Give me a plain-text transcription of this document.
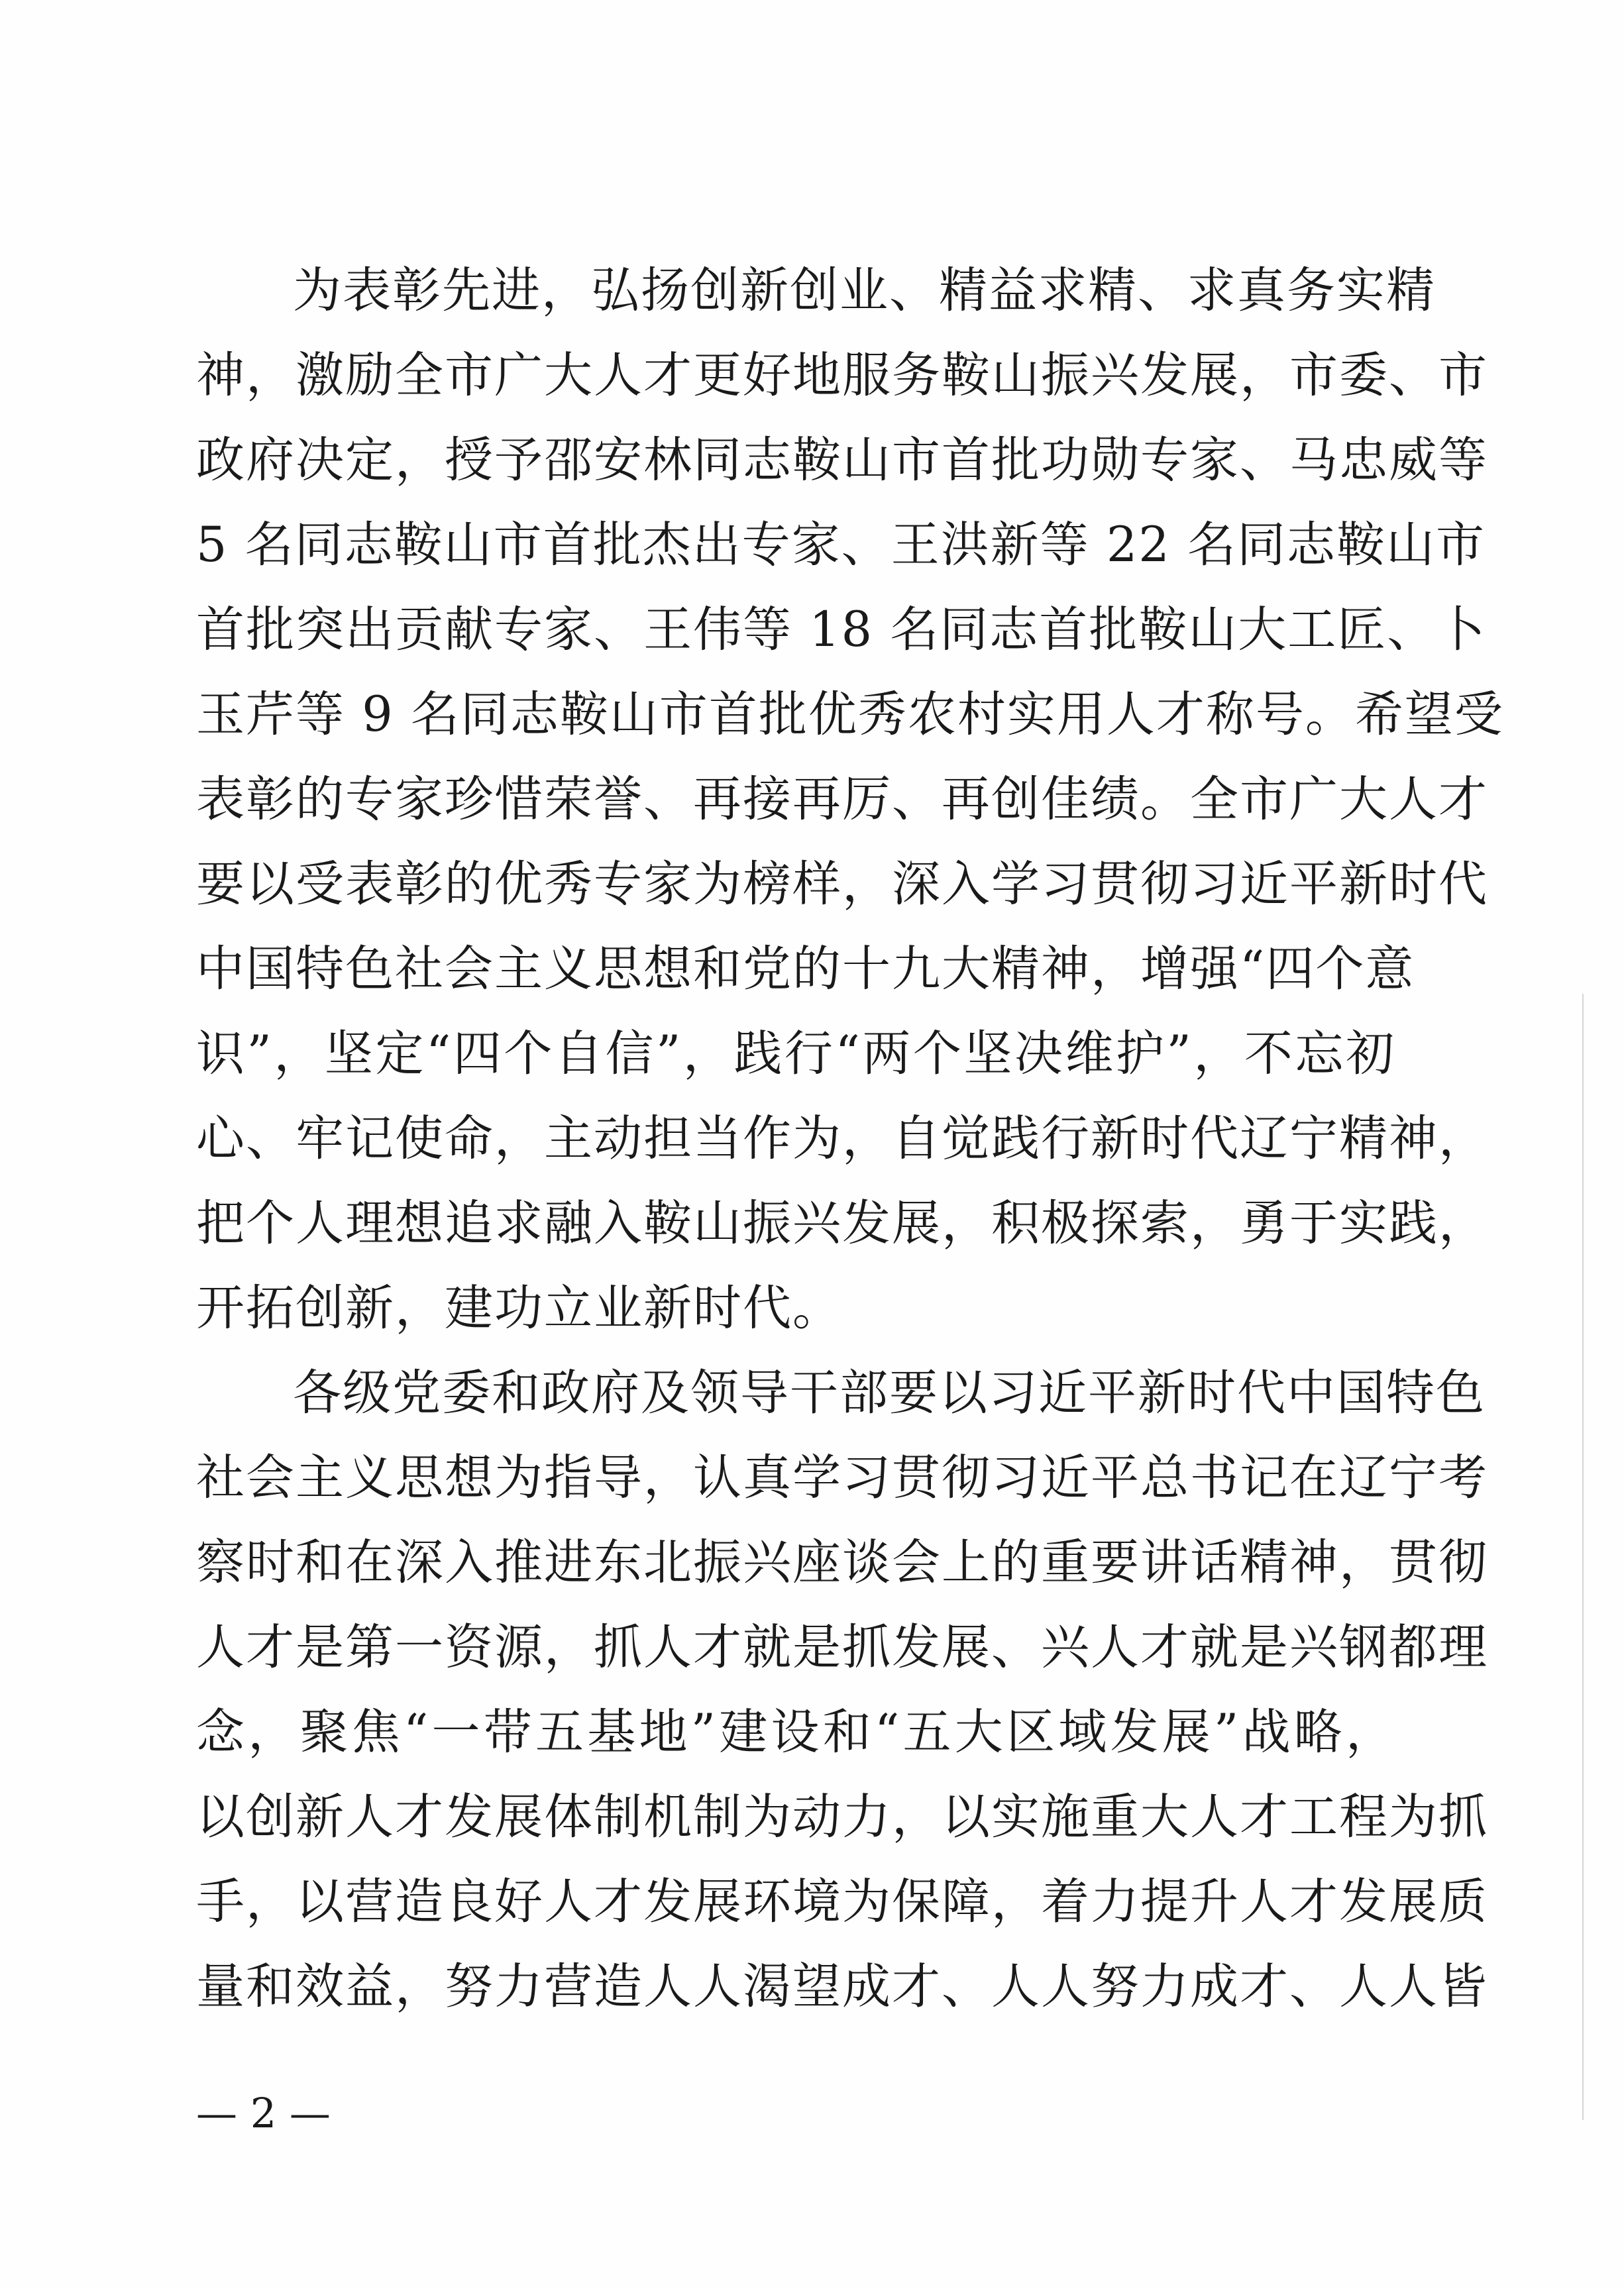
为表彰先进，弘扬创新创业、精益求精、求真务实精
神，激励全市广大人才更好地服务鞍山振兴发展，市委、市
政府决定，授予邵安林同志鞍山市首批功勋专家、马忠威等
5 名同志鞍山市首批杰出专家、王洪新等 22 名同志鞍山市
首批突出贡献专家、王伟等 18 名同志首批鞍山大工匠、卜
玉芹等 9 名同志鞍山市首批优秀农村实用人才称号。希望受
表彰的专家珍惜荣誉、再接再厉、再创佳绩。全市广大人才
要以受表彰的优秀专家为榜样，深入学习贯彻习近平新时代
中国特色社会主义思想和党的十九大精神，增强“四个意
识”，坚定“四个自信”，践行“两个坚决维护”，不忘初
心、牢记使命，主动担当作为，自觉践行新时代辽宁精神，
把个人理想追求融入鞍山振兴发展，积极探索，勇于实践，
开拓创新，建功立业新时代。
各级党委和政府及领导干部要以习近平新时代中国特色
社会主义思想为指导，认真学习贯彻习近平总书记在辽宁考
察时和在深入推进东北振兴座谈会上的重要讲话精神，贯彻
人才是第一资源，抓人才就是抓发展、兴人才就是兴钢都理
念，聚焦“一带五基地”建设和“五大区域发展”战略，
以创新人才发展体制机制为动力，以实施重大人才工程为抓
手，以营造良好人才发展环境为保障，着力提升人才发展质
量和效益，努力营造人人渴望成才、人人努力成才、人人皆
— 2 —
